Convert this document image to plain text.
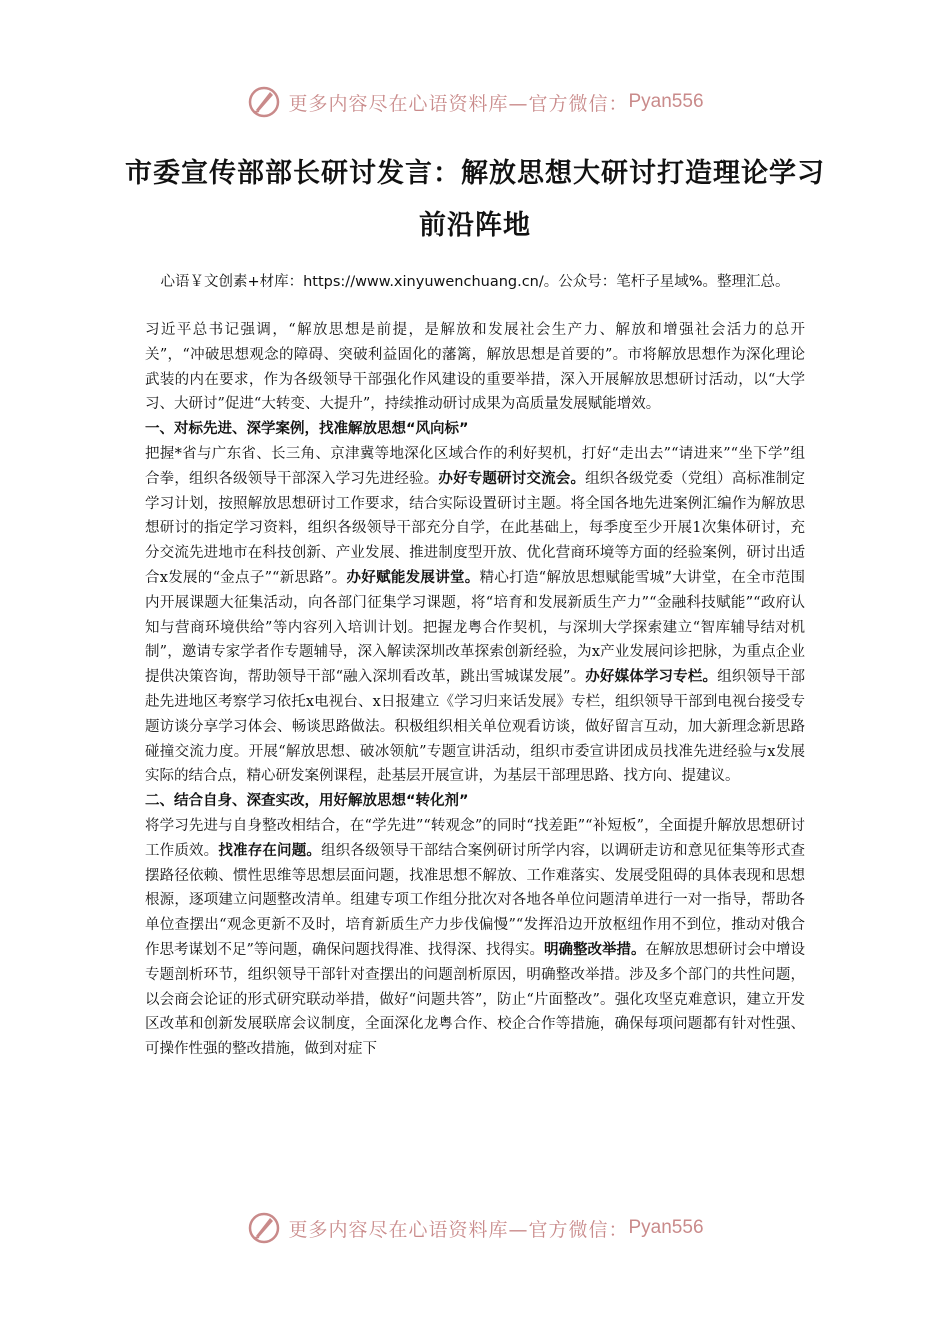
更多内容尽在心语资料库—官方微信： Pyan556
市委宣传部部长研讨发言：解放思想大研讨打造理论学习前沿阵地
心语￥文创素+材库：https://www.xinyuwenchuang.cn/。公众号：笔杆子星域%。整理汇总。

习近平总书记强调，“解放思想是前提，是解放和发展社会生产力、解放和增强社会活力的总开关”，“冲破思想观念的障碍、突破利益固化的藩篱，解放思想是首要的”。市将解放思想作为深化理论武装的内在要求，作为各级领导干部强化作风建设的重要举措，深入开展解放思想研讨活动，以“大学习、大研讨”促进“大转变、大提升”，持续推动研讨成果为高质量发展赋能增效。

一、对标先进、深学案例，找准解放思想“风向标”

把握*省与广东省、长三角、京津冀等地深化区域合作的利好契机，打好“走出去”“请进来”“坐下学”组合拳，组织各级领导干部深入学习先进经验。办好专题研讨交流会。组织各级党委（党组）高标准制定学习计划，按照解放思想研讨工作要求，结合实际设置研讨主题。将全国各地先进案例汇编作为解放思想研讨的指定学习资料，组织各级领导干部充分自学，在此基础上，每季度至少开展1次集体研讨，充分交流先进地市在科技创新、产业发展、推进制度型开放、优化营商环境等方面的经验案例，研讨出适合x发展的“金点子”“新思路”。办好赋能发展讲堂。精心打造“解放思想赋能雪城”大讲堂，在全市范围内开展课题大征集活动，向各部门征集学习课题，将“培育和发展新质生产力”“金融科技赋能”“政府认知与营商环境供给”等内容列入培训计划。把握龙粤合作契机，与深圳大学探索建立“智库辅导结对机制”，邀请专家学者作专题辅导，深入解读深圳改革探索创新经验，为x产业发展问诊把脉，为重点企业提供决策咨询，帮助领导干部“融入深圳看改革，跳出雪城谋发展”。办好媒体学习专栏。组织领导干部赴先进地区考察学习依托x电视台、x日报建立《学习归来话发展》专栏，组织领导干部到电视台接受专题访谈分享学习体会、畅谈思路做法。积极组织相关单位观看访谈，做好留言互动，加大新理念新思路碰撞交流力度。开展“解放思想、破冰领航”专题宣讲活动，组织市委宣讲团成员找准先进经验与x发展实际的结合点，精心研发案例课程，赴基层开展宣讲，为基层干部理思路、找方向、提建议。

二、结合自身、深查实改，用好解放思想“转化剂”

将学习先进与自身整改相结合，在“学先进”“转观念”的同时“找差距”“补短板”，全面提升解放思想研讨工作质效。找准存在问题。组织各级领导干部结合案例研讨所学内容，以调研走访和意见征集等形式查摆路径依赖、惯性思维等思想层面问题，找准思想不解放、工作难落实、发展受阻碍的具体表现和思想根源，逐项建立问题整改清单。组建专项工作组分批次对各地各单位问题清单进行一对一指导，帮助各单位查摆出“观念更新不及时，培育新质生产力步伐偏慢”“发挥沿边开放枢纽作用不到位，推动对俄合作思考谋划不足”等问题，确保问题找得准、找得深、找得实。明确整改举措。在解放思想研讨会中增设专题剖析环节，组织领导干部针对查摆出的问题剖析原因，明确整改举措。涉及多个部门的共性问题，以会商会论证的形式研究联动举措，做好“问题共答”，防止“片面整改”。强化攻坚克难意识，建立开发区改革和创新发展联席会议制度，全面深化龙粤合作、校企合作等措施，确保每项问题都有针对性强、可操作性强的整改措施，做到对症下

更多内容尽在心语资料库—官方微信： Pyan556
